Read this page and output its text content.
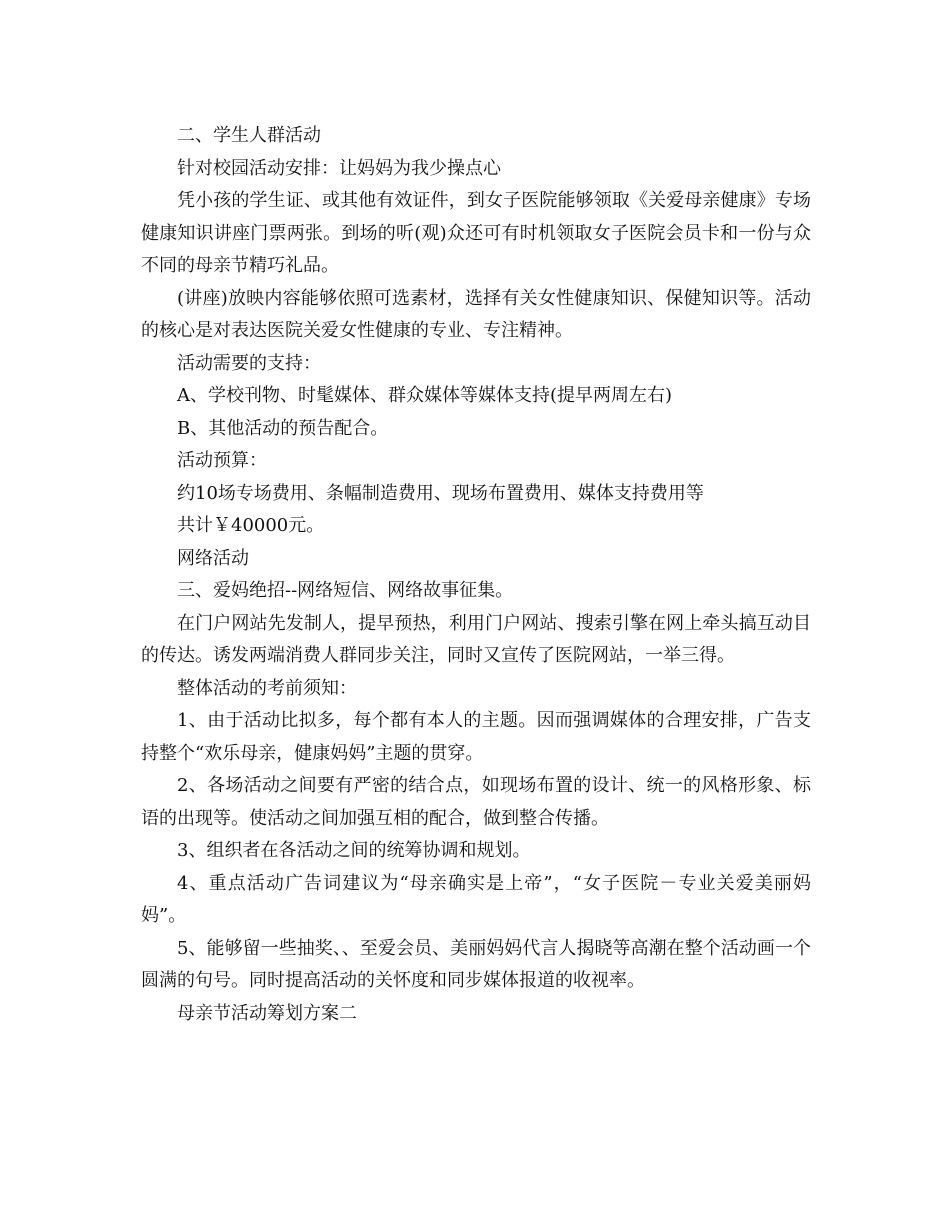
二、学生人群活动

针对校园活动安排：让妈妈为我少操点心

凭小孩的学生证、或其他有效证件，到女子医院能够领取《关爱母亲健康》专场健康知识讲座门票两张。到场的听(观)众还可有时机领取女子医院会员卡和一份与众不同的母亲节精巧礼品。

(讲座)放映内容能够依照可选素材，选择有关女性健康知识、保健知识等。活动的核心是对表达医院关爱女性健康的专业、专注精神。

活动需要的支持：

A、学校刊物、时髦媒体、群众媒体等媒体支持(提早两周左右)

B、其他活动的预告配合。

活动预算：

约10场专场费用、条幅制造费用、现场布置费用、媒体支持费用等

共计￥40000元。

网络活动

三、爱妈绝招--网络短信、网络故事征集。

在门户网站先发制人，提早预热，利用门户网站、搜索引擎在网上牵头搞互动目的传达。诱发两端消费人群同步关注，同时又宣传了医院网站，一举三得。

整体活动的考前须知：

1、由于活动比拟多，每个都有本人的主题。因而强调媒体的合理安排，广告支持整个“欢乐母亲，健康妈妈”主题的贯穿。

2、各场活动之间要有严密的结合点，如现场布置的设计、统一的风格形象、标语的出现等。使活动之间加强互相的配合，做到整合传播。

3、组织者在各活动之间的统筹协调和规划。

4、重点活动广告词建议为“母亲确实是上帝”，“女子医院－专业关爱美丽妈妈”。

5、能够留一些抽奖、、至爱会员、美丽妈妈代言人揭晓等高潮在整个活动画一个圆满的句号。同时提高活动的关怀度和同步媒体报道的收视率。

母亲节活动筹划方案二
